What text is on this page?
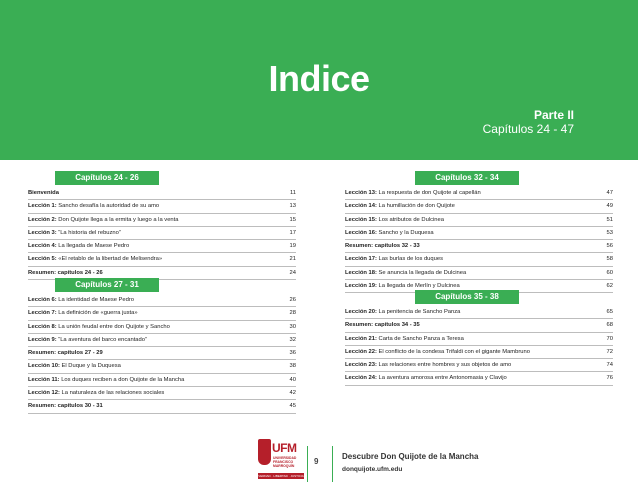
Indice
Parte II
Capítulos 24 - 47
Capítulos 24 - 26
Bienvenida	11
Lección 1: Sancho desafía la autoridad de su amo	13
Lección 2: Don Quijote llega a la ermita y luego a la venta	15
Lección 3: “La historia del rebuzno”	17
Lección 4: La llegada de Maese Pedro	19
Lección 5: «El retablo de la libertad de Melisendra»	21
Resumen: capítulos 24 - 26	24
Capítulos 27 - 31
Lección 6: La identidad de Maese Pedro	26
Lección 7: La definición de «guerra justa»	28
Lección 8: La unión feudal entre don Quijote y Sancho	30
Lección 9: “La aventura del barco encantado”	32
Resumen: capítulos 27 - 29	36
Lección 10: El Duque y la Duquesa	38
Lección 11: Los duques reciben a don Quijote de la Mancha	40
Lección 12: La naturaleza de las relaciones sociales	42
Resumen: capítulos 30 - 31	45
Capítulos 32 - 34
Lección 13: La respuesta de don Quijote al capellán	47
Lección 14: La humillación de don Quijote	49
Lección 15: Los atributos de Dulcinea	51
Lección 16: Sancho y la Duquesa	53
Resumen: capítulos 32 - 33	56
Lección 17: Las burlas de los duques	58
Lección 18: Se anuncia la llegada de Dulcinea	60
Lección 19: La llegada de Merlín y Dulcinea	62
Capítulos 35 - 38
Lección 20: La penitencia de Sancho Panza	65
Resumen: capítulos 34 - 35	68
Lección 21: Carta de Sancho Panza a Teresa	70
Lección 22: El conflicto de la condesa Trifaldi con el gigante Mambruno	72
Lección 23: Las relaciones entre hombres y sus objetos de amo	74
Lección 24: La aventura amorosa entre Antonomasia y Clavijo	76
UFM
UNIVERSIDAD FRANCISCO MARROQUÍN
VERDAD · LIBERTAD · JUSTICIA
9
Descubre Don Quijote de la Mancha
donquijote.ufm.edu
